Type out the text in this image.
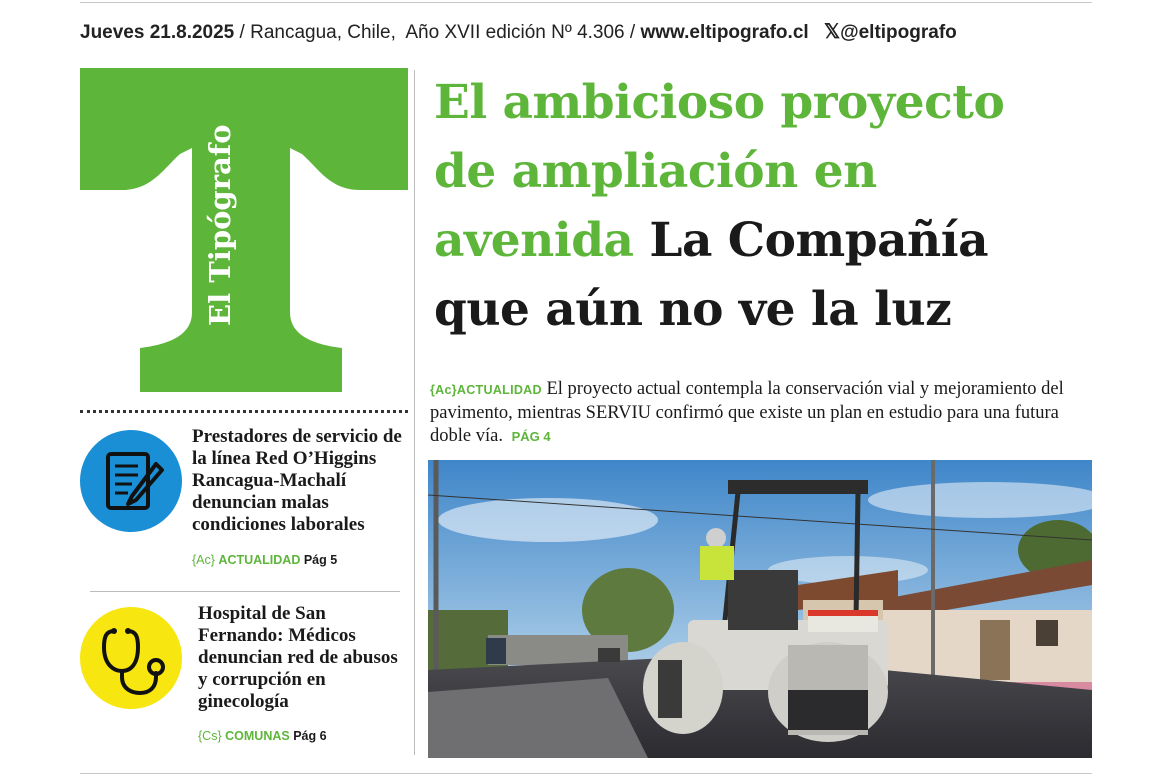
Jueves 21.8.2025 / Rancagua, Chile, Año XVII edición Nº 4.306 / www.eltipografo.cl 𝕏@eltipografo
El Tipógrafo
El ambicioso proyecto de ampliación en avenida La Compañía que aún no ve la luz

{Ac}ACTUALIDAD El proyecto actual contempla la conservación vial y mejoramiento del pavimento, mientras SERVIU confirmó que existe un plan en estudio para una futura doble vía. PÁG 4

Prestadores de servicio de la línea Red O’Higgins Rancagua-Machalí denuncian malas condiciones laborales
{Ac} ACTUALIDAD Pág 5
Hospital de San Fernando: Médicos denuncian red de abusos y corrupción en ginecología
{Cs} COMUNAS Pág 6
